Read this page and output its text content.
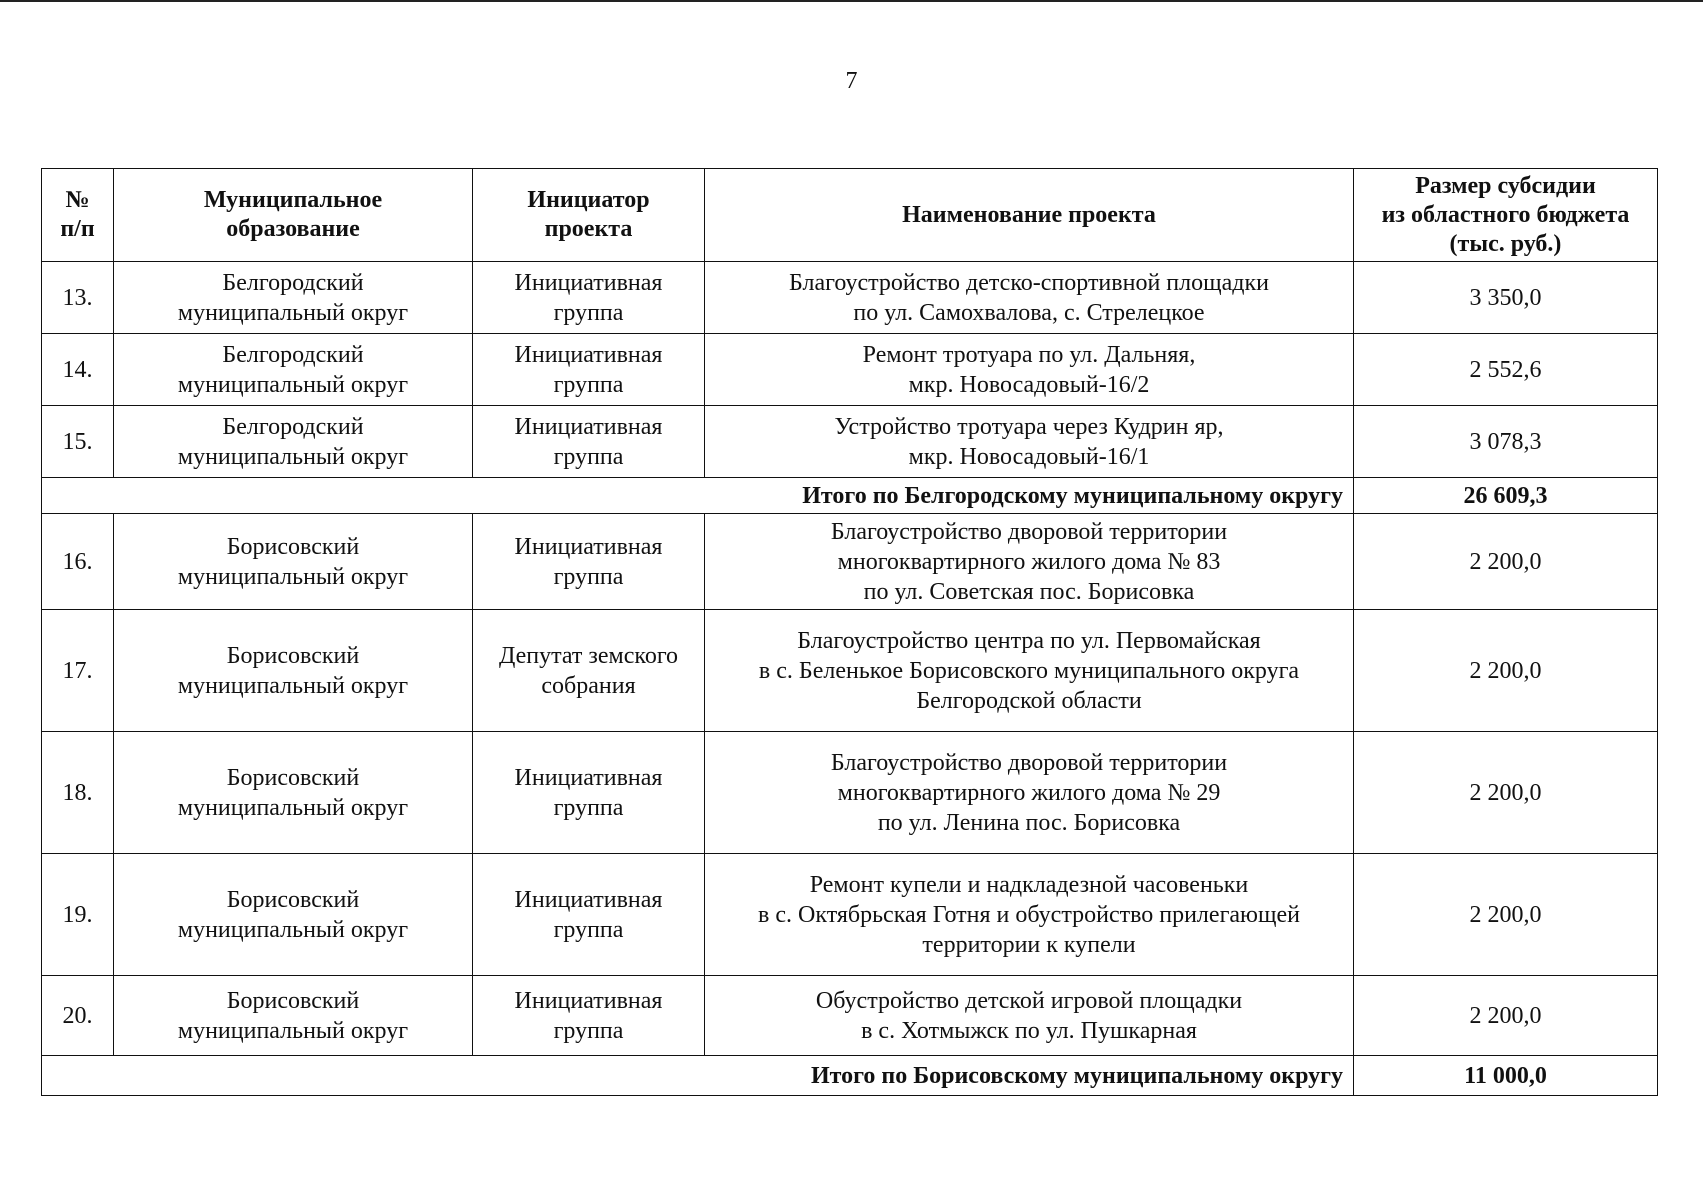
7
№
п/п	Муниципальное
образование	Инициатор
проекта	Наименование проекта	Размер субсидии
из областного бюджета
(тыс. руб.)

13.	Белгородский
муниципальный округ	Инициативная
группа	Благоустройство детско-спортивной площадки
по ул. Самохвалова, с. Стрелецкое	3 350,0
14.	Белгородский
муниципальный округ	Инициативная
группа	Ремонт тротуара по ул. Дальняя,
мкр. Новосадовый-16/2	2 552,6
15.	Белгородский
муниципальный округ	Инициативная
группа	Устройство тротуара через Кудрин яр,
мкр. Новосадовый-16/1	3 078,3
Итого по Белгородскому муниципальному округу				26 609,3
16.	Борисовский
муниципальный округ	Инициативная
группа	Благоустройство дворовой территории
многоквартирного жилого дома № 83
по ул. Советская пос. Борисовка	2 200,0
17.	Борисовский
муниципальный округ	Депутат земского
собрания	Благоустройство центра по ул. Первомайская
в с. Беленькое Борисовского муниципального округа
Белгородской области	2 200,0
18.	Борисовский
муниципальный округ	Инициативная
группа	Благоустройство дворовой территории
многоквартирного жилого дома № 29
по ул. Ленина пос. Борисовка	2 200,0
19.	Борисовский
муниципальный округ	Инициативная
группа	Ремонт купели и надкладезной часовеньки
в с. Октябрьская Готня и обустройство прилегающей
территории к купели	2 200,0
20.	Борисовский
муниципальный округ	Инициативная
группа	Обустройство детской игровой площадки
в с. Хотмыжск по ул. Пушкарная	2 200,0
Итого по Борисовскому муниципальному округу				11 000,0
